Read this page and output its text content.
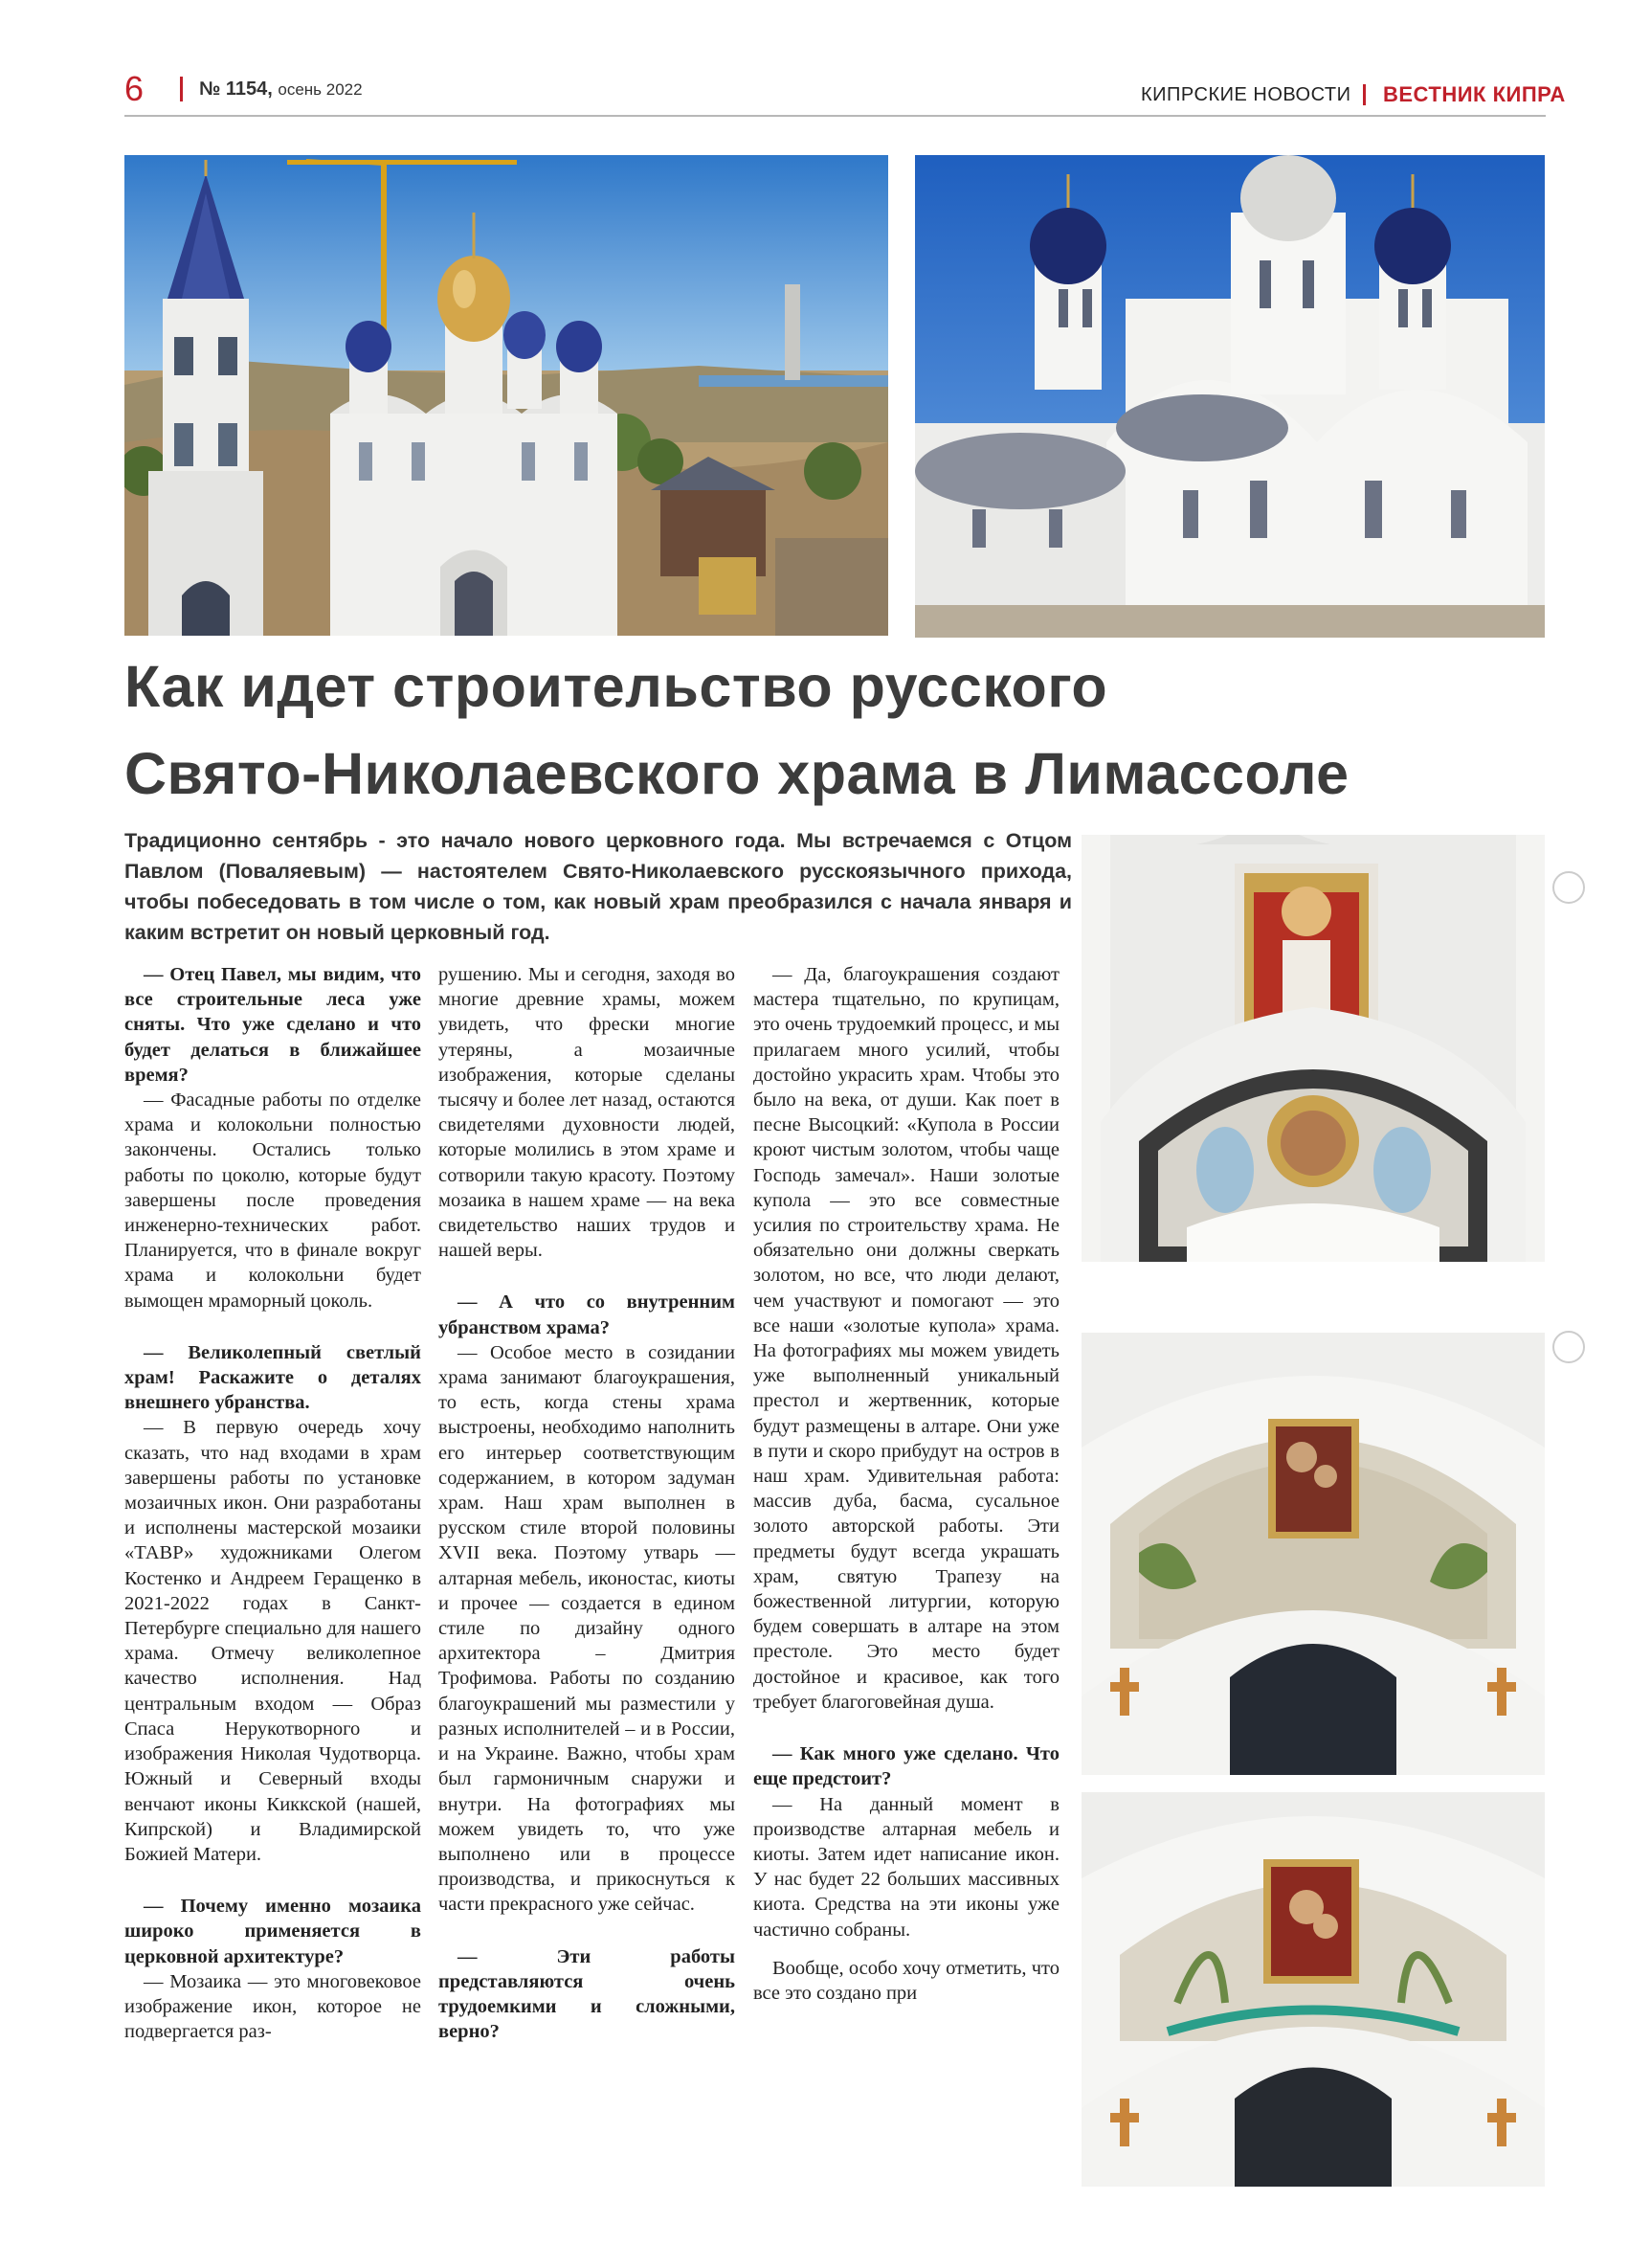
6	№ 1154, осень 2022	КИПРСКИЕ НОВОСТИ ВЕСТНИК КИПРА
Как идет строительство русского
Свято-Николаевского храма в Лимассоле
Традиционно сентябрь - это начало нового церковного года. Мы встречаемся с Отцом Павлом (Поваляевым) — настоятелем Свято-Николаевского русскоязычного прихода, чтобы побеседовать в том числе о том, как новый храм преобразился с начала января и каким встретит он новый церковный год.

— Отец Павел, мы видим, что все строительные леса уже сняты. Что уже сделано и что будет делаться в ближайшее время?

— Фасадные работы по отделке храма и колокольни полностью закончены. Остались только работы по цоколю, которые будут завершены после проведения инженерно-технических работ. Планируется, что в финале вокруг храма и колокольни будет вымощен мраморный цоколь.

— Великолепный светлый храм! Раскажите о деталях внешнего убранства.

— В первую очередь хочу сказать, что над входами в храм завершены работы по установке мозаичных икон. Они разработаны и исполнены мастерской мозаики «ТАВР» художниками Олегом Костенко и Андреем Геращенко в 2021-2022 годах в Санкт-Петербурге специально для нашего храма. Отмечу великолепное качество исполнения. Над центральным входом — Образ Спаса Нерукотворного и изображения Николая Чудотворца. Южный и Северный входы венчают иконы Киккской (нашей, Кипрской) и Владимирской Божией Матери.

— Почему именно мозаика широко применяется в церковной архитектуре?

— Мозаика — это многовековое изображение икон, которое не подвергается раз-

рушению. Мы и сегодня, заходя во многие древние храмы, можем увидеть, что фрески многие утеряны, а мозаичные изображения, которые сделаны тысячу и более лет назад, остаются свидетелями духовности людей, которые молились в этом храме и сотворили такую красоту. Поэтому мозаика в нашем храме — на века свидетельство наших трудов и нашей веры.

— А что со внутренним убранством храма?

— Особое место в созидании храма занимают благоукрашения, то есть, когда стены храма выстроены, необходимо наполнить его интерьер соответствующим содержанием, в котором задуман храм. Наш храм выполнен в русском стиле второй половины XVII века. Поэтому утварь — алтарная мебель, иконостас, киоты и прочее — создается в едином стиле по дизайну одного архитектора – Дмитрия Трофимова. Работы по созданию благоукрашений мы разместили у разных исполнителей – и в России, и на Украине. Важно, чтобы храм был гармоничным снаружи и внутри. На фотографиях мы можем увидеть то, что уже выполнено или в процессе производства, и прикоснуться к части прекрасного уже сейчас.

— Эти работы представляются очень трудоемкими и сложными, верно?

— Да, благоукрашения создают мастера тщательно, по крупицам, это очень трудоемкий процесс, и мы прилагаем много усилий, чтобы достойно украсить храм. Чтобы это было на века, от души. Как поет в песне Высоцкий: «Купола в России кроют чистым золотом, чтобы чаще Господь замечал». Наши золотые купола — это все совместные усилия по строительству храма. Не обязательно они должны сверкать золотом, но все, что люди делают, чем участвуют и помогают — это все наши «золотые купола» храма. На фотографиях мы можем увидеть уже выполненный уникальный престол и жертвенник, которые будут размещены в алтаре. Они уже в пути и скоро прибудут на остров в наш храм. Удивительная работа: массив дуба, басма, сусальное золото авторской работы. Эти предметы будут всегда украшать храм, святую Трапезу на божественной литургии, которую будем совершать в алтаре на этом престоле. Это место будет достойное и красивое, как того требует благоговейная душа.

— Как много уже сделано. Что еще предстоит?

— На данный момент в производстве алтарная мебель и киоты. Затем идет написание икон. У нас будет 22 больших массивных киота. Средства на эти иконы уже частично собраны.

Вообще, особо хочу отметить, что все это создано при
